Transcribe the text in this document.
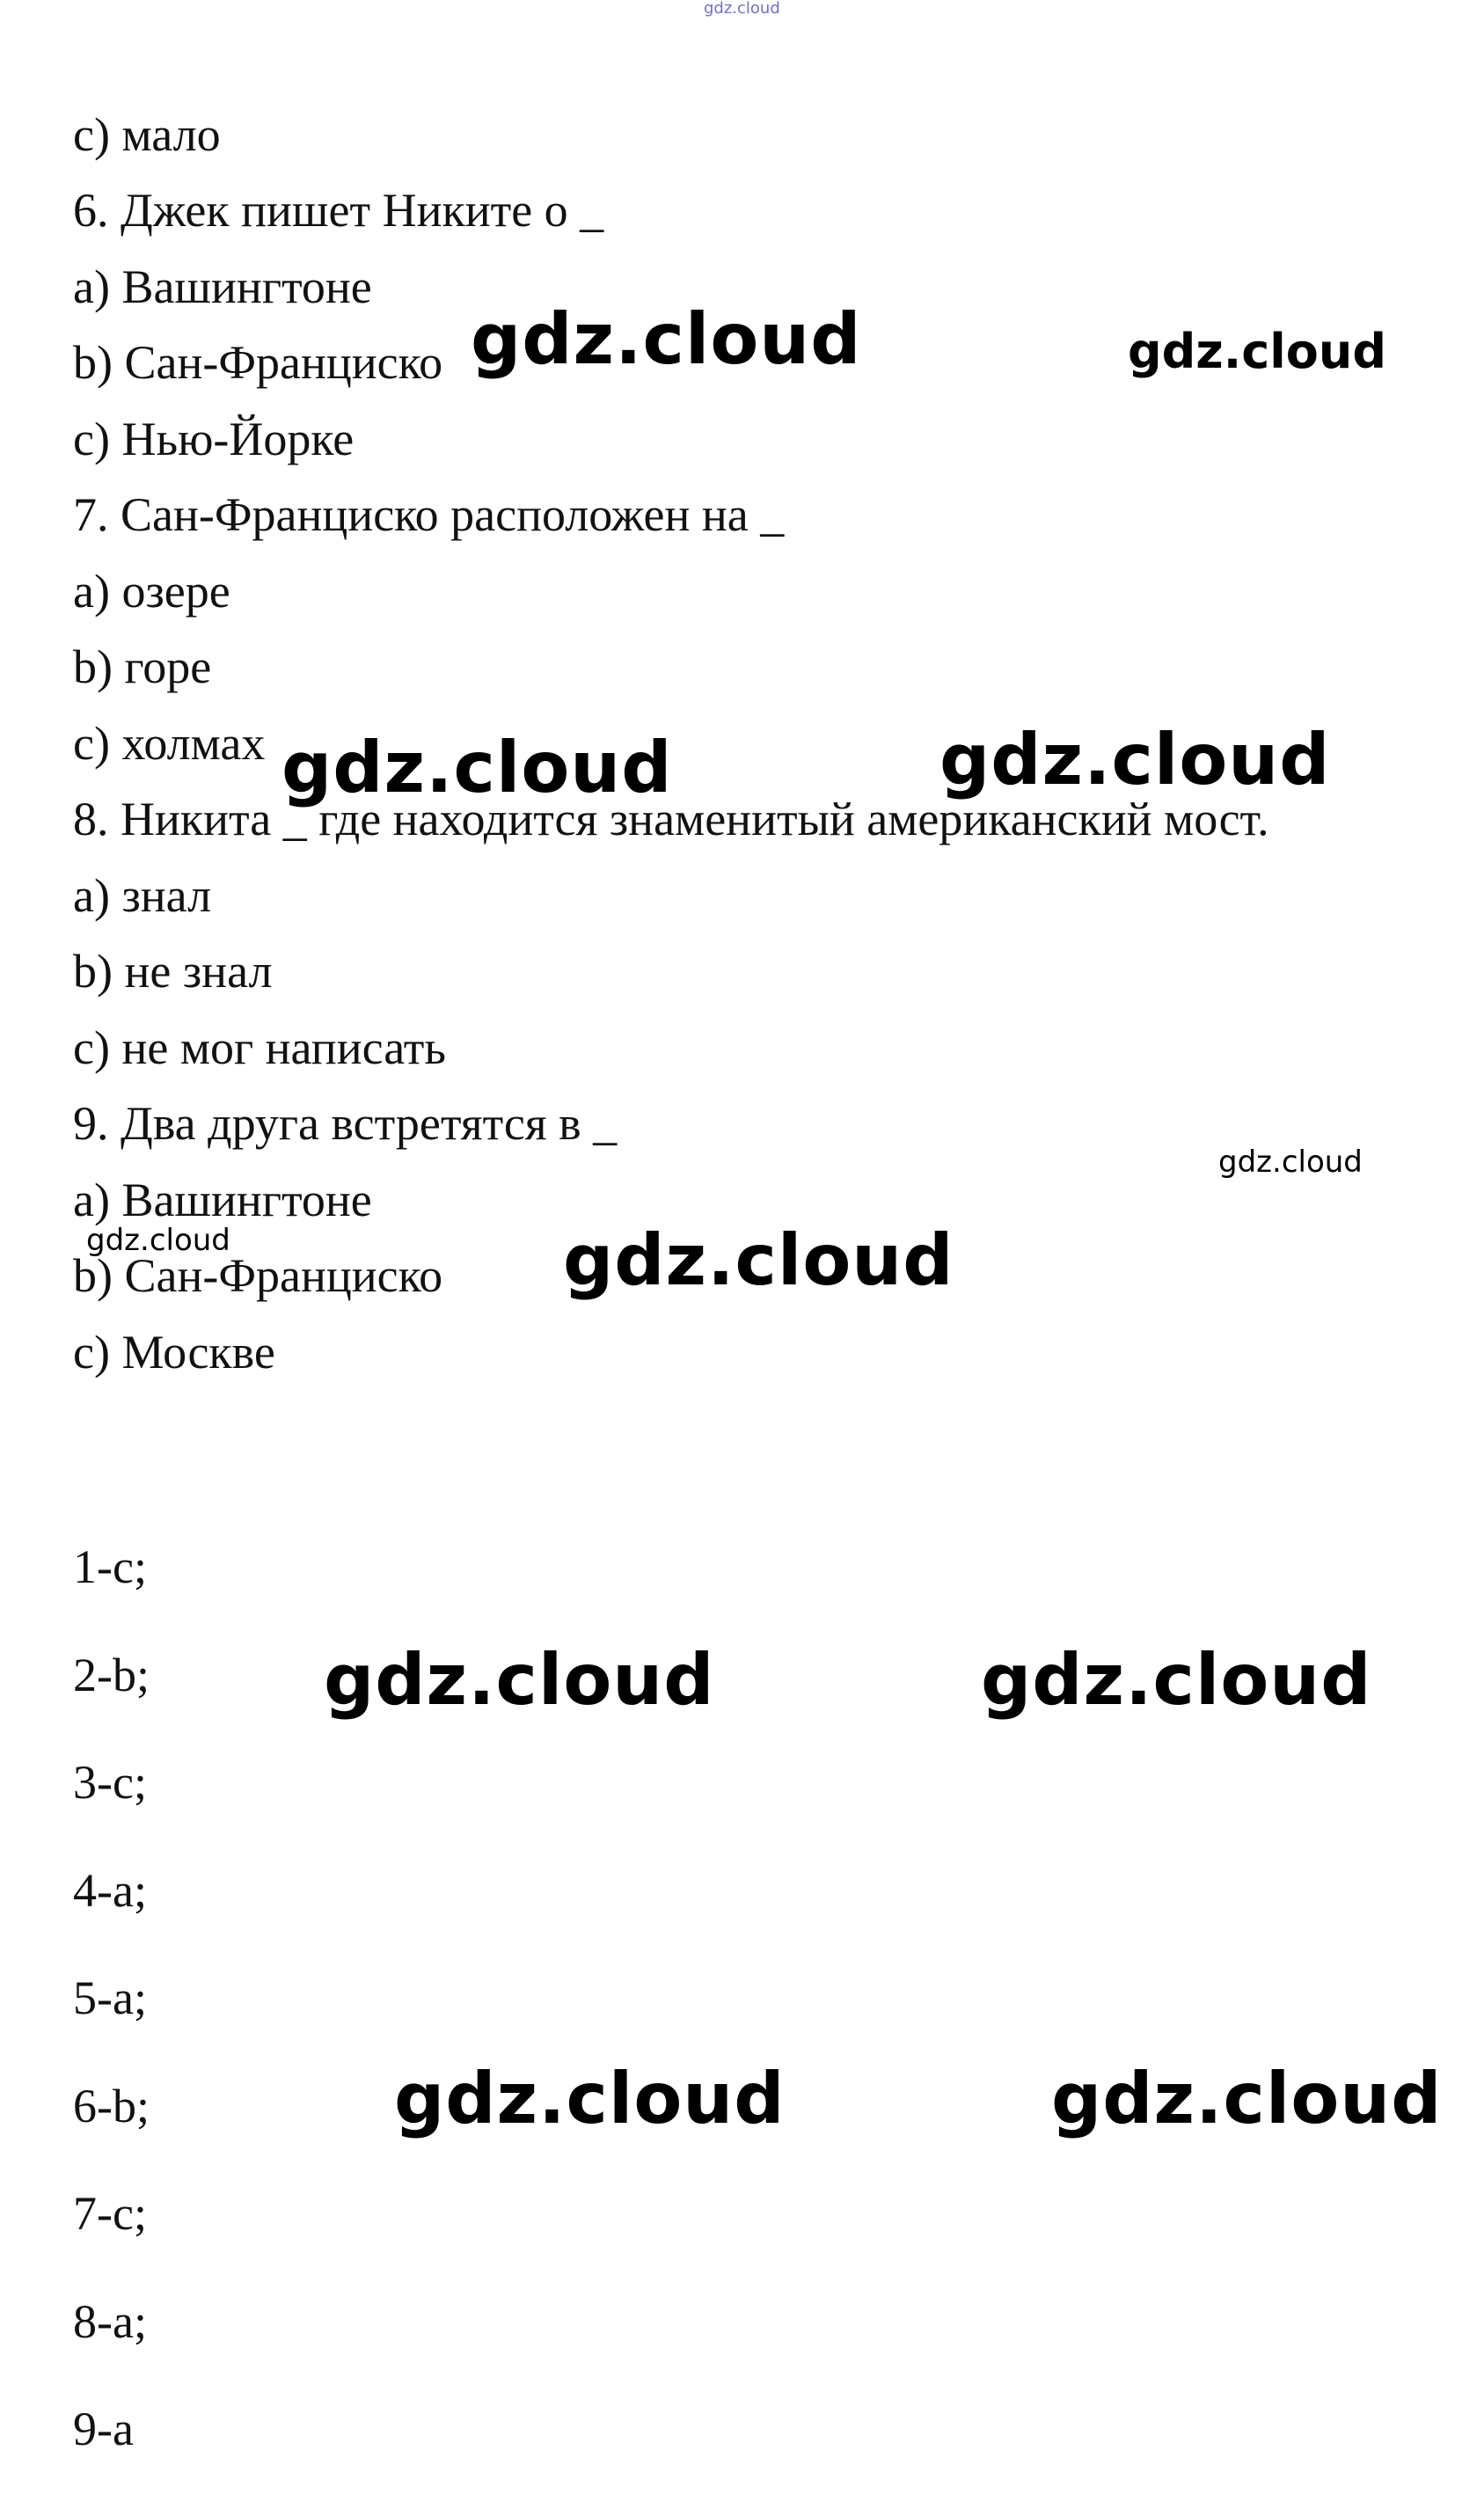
gdz.cloud

c) мало

6. Джек пишет Никите о _

a) Вашингтоне

b) Сан-Франциско

c) Нью-Йорке

7. Сан-Франциско расположен на _

a) озере

b) горе

c) холмах

8. Никита _ где находится знаменитый американский мост.

a) знал

b) не знал

c) не мог написать

9. Два друга встретятся в _

a) Вашингтоне

b) Сан-Франциско

c) Москве

1-c;

2-b;

3-c;

4-a;

5-a;

6-b;

7-c;

8-a;

9-a

gdz.cloud	gdz.cloud
gdz.cloud	gdz.cloud
gdz.cloud
gdz.cloud	gdz.cloud
gdz.cloud	gdz.cloud
gdz.cloud	gdz.cloud
